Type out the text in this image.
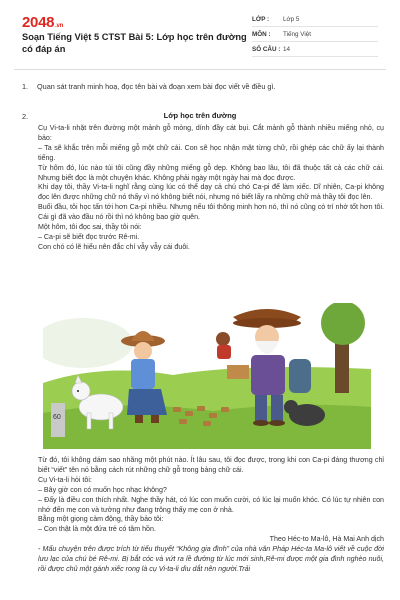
2048.vn
Soạn Tiếng Việt 5 CTST Bài 5: Lớp học trên đường có đáp án
LỚP :	Lớp 5
MÔN :	Tiếng Việt
SỐ CÂU : 14
1. Quan sát tranh minh hoạ, đọc tên bài và đoạn xem bài đọc viết về điều gì.
2.	Lớp học trên đường

Cụ Vi-ta-li nhặt trên đường một mảnh gỗ mỏng, dính đầy cát bụi. Cắt mảnh gỗ thành nhiều miếng nhỏ, cụ bảo:

– Ta sẽ khắc trên mỗi miếng gỗ một chữ cái. Con sẽ học nhận mặt từng chữ, rồi ghép các chữ ấy lại thành tiếng.

Từ hôm đó, lúc nào túi tôi cũng đầy những miếng gỗ dẹp. Không bao lâu, tôi đã thuộc tất cả các chữ cái. Nhưng biết đọc là một chuyện khác. Không phải ngày một ngày hai mà đọc được.

Khi dạy tôi, thầy Vi-ta-li nghĩ rằng cùng lúc có thể dạy cả chú chó Ca-pi để làm xiếc. Dĩ nhiên, Ca-pi không đọc lên được những chữ nó thấy vì nó không biết nói, nhưng nó biết lấy ra những chữ mà thầy tôi đọc lên.

Buổi đầu, tôi học tấn tới hơn Ca-pi nhiều. Nhưng nếu tôi thông minh hơn nó, thì nó cũng có trí nhớ tốt hơn tôi. Cái gì đã vào đầu nó rồi thì nó không bao giờ quên.

Một hôm, tôi đọc sai, thầy tôi nói:

– Ca-pi sẽ biết đọc trước Rê-mi.

Con chó có lẽ hiểu nên đắc chí vẫy vẫy cái đuôi.

60

Từ đó, tôi không dám sao nhãng một phút nào. Ít lâu sau, tôi đọc được, trong khi con Ca-pi đáng thương chỉ biết “viết” tên nó bằng cách rút những chữ gỗ trong bảng chữ cái.

Cụ Vi-ta-li hỏi tôi:

– Bây giờ con có muốn học nhạc không?

– Đấy là điều con thích nhất. Nghe thầy hát, có lúc con muốn cười, có lúc lại muốn khóc. Có lúc tự nhiên con nhớ đến mẹ con và tưởng như đang trông thấy mẹ con ở nhà.

Bằng một giọng cảm động, thầy bảo tôi:

– Con thật là một đứa trẻ có tâm hồn.

Theo Héc-to Ma-lô, Hà Mai Anh dịch

- Mẩu chuyện trên được trích từ tiểu thuyết “Không gia đình” của nhà văn Pháp Héc-ta Ma-lô viết về cuộc đời lưu lạc của chú bé Rê-mi. Bị bắt cóc và vứt ra lề đường từ lúc mới sinh,Rê-mi được một gia đình nghèo nuôi, rồi được chủ một gánh xiếc rong là cụ Vi-ta-li dìu dắt nên người.Trải
